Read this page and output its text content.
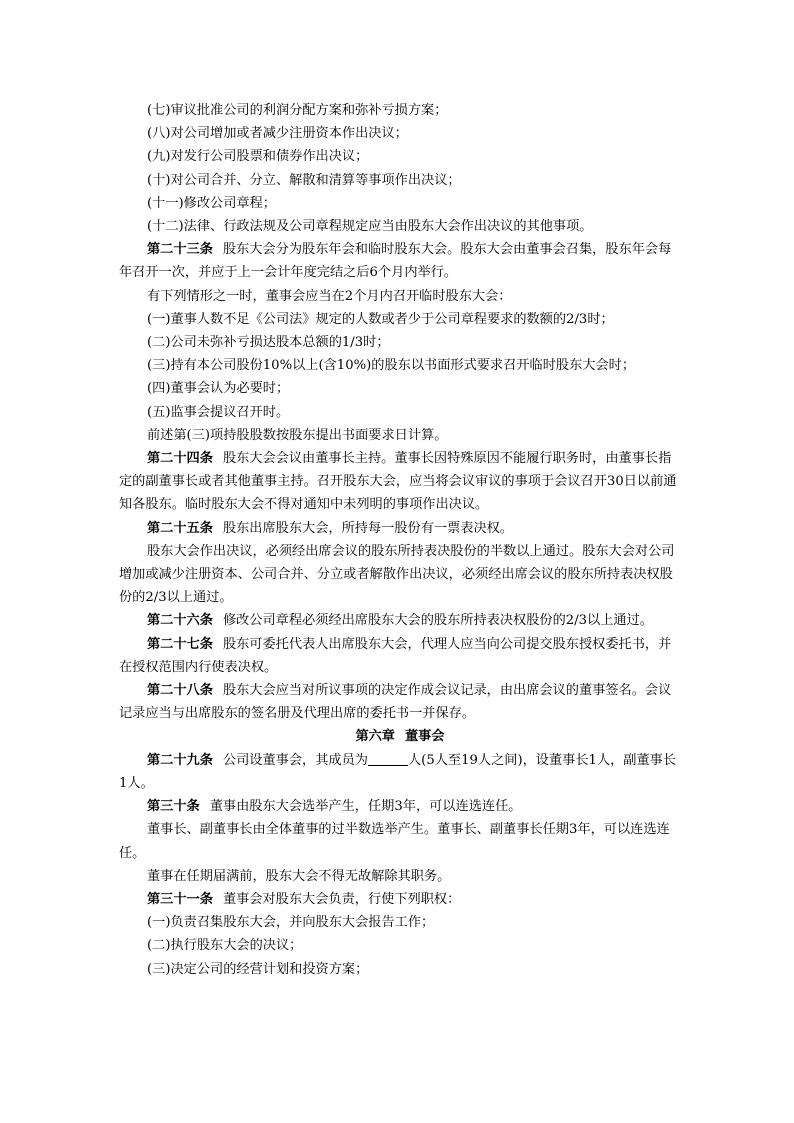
(七)审议批准公司的利润分配方案和弥补亏损方案；

(八)对公司增加或者减少注册资本作出决议；

(九)对发行公司股票和债券作出决议；

(十)对公司合并、分立、解散和清算等事项作出决议；

(十一)修改公司章程；

(十二)法律、行政法规及公司章程规定应当由股东大会作出决议的其他事项。

第二十三条 股东大会分为股东年会和临时股东大会。股东大会由董事会召集，股东年会每年召开一次，并应于上一会计年度完结之后6个月内举行。

有下列情形之一时，董事会应当在2个月内召开临时股东大会：

(一)董事人数不足《公司法》规定的人数或者少于公司章程要求的数额的2/3时；

(二)公司未弥补亏损达股本总额的1/3时；

(三)持有本公司股份10%以上(含10%)的股东以书面形式要求召开临时股东大会时；

(四)董事会认为必要时；

(五)监事会提议召开时。

前述第(三)项持股股数按股东提出书面要求日计算。

第二十四条 股东大会会议由董事长主持。董事长因特殊原因不能履行职务时，由董事长指定的副董事长或者其他董事主持。召开股东大会，应当将会议审议的事项于会议召开30日以前通知各股东。临时股东大会不得对通知中未列明的事项作出决议。

第二十五条 股东出席股东大会，所持每一股份有一票表决权。

股东大会作出决议，必须经出席会议的股东所持表决股份的半数以上通过。股东大会对公司增加或减少注册资本、公司合并、分立或者解散作出决议，必须经出席会议的股东所持表决权股份的2/3以上通过。

第二十六条 修改公司章程必须经出席股东大会的股东所持表决权股份的2/3以上通过。

第二十七条 股东可委托代表人出席股东大会，代理人应当向公司提交股东授权委托书，并在授权范围内行使表决权。

第二十八条 股东大会应当对所议事项的决定作成会议记录，由出席会议的董事签名。会议记录应当与出席股东的签名册及代理出席的委托书一并保存。

第六章 董事会

第二十九条 公司设董事会，其成员为	人(5人至19人之间)，设董事长1人，副董事长1人。

第三十条 董事由股东大会选举产生，任期3年，可以连选连任。

董事长、副董事长由全体董事的过半数选举产生。董事长、副董事长任期3年，可以连选连任。

董事在任期届满前，股东大会不得无故解除其职务。

第三十一条 董事会对股东大会负责，行使下列职权：

(一)负责召集股东大会，并向股东大会报告工作；

(二)执行股东大会的决议；

(三)决定公司的经营计划和投资方案；
